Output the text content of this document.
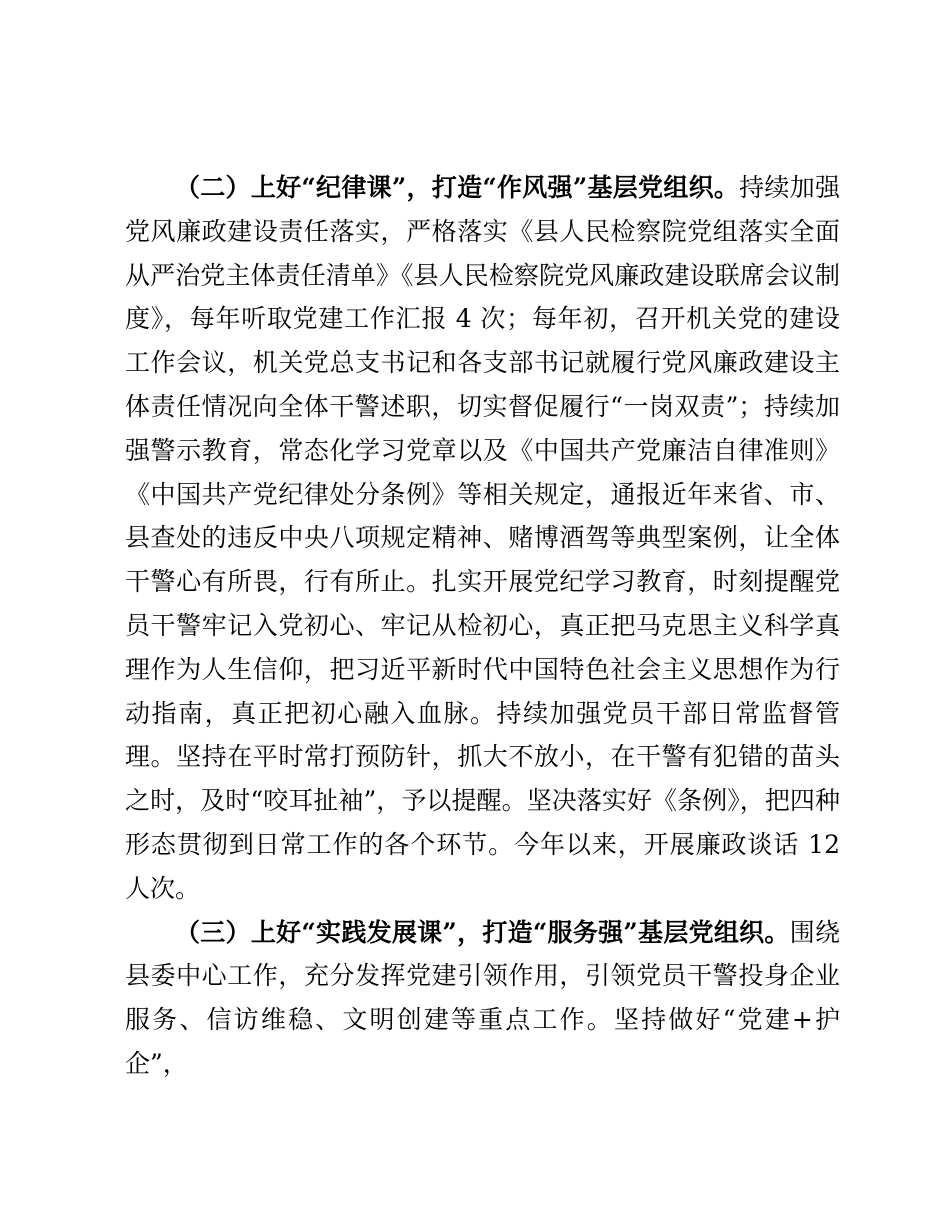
（二）上好“纪律课”，打造“作风强”基层党组织。持续加强党风廉政建设责任落实，严格落实《县人民检察院党组落实全面从严治党主体责任清单》《县人民检察院党风廉政建设联席会议制度》，每年听取党建工作汇报 4 次；每年初，召开机关党的建设工作会议，机关党总支书记和各支部书记就履行党风廉政建设主体责任情况向全体干警述职，切实督促履行“一岗双责”；持续加强警示教育，常态化学习党章以及《中国共产党廉洁自律准则》《中国共产党纪律处分条例》等相关规定，通报近年来省、市、县查处的违反中央八项规定精神、赌博酒驾等典型案例，让全体干警心有所畏，行有所止。扎实开展党纪学习教育，时刻提醒党员干警牢记入党初心、牢记从检初心，真正把马克思主义科学真理作为人生信仰，把习近平新时代中国特色社会主义思想作为行动指南，真正把初心融入血脉。持续加强党员干部日常监督管理。坚持在平时常打预防针，抓大不放小，在干警有犯错的苗头之时，及时“咬耳扯袖”，予以提醒。坚决落实好《条例》，把四种形态贯彻到日常工作的各个环节。今年以来，开展廉政谈话 12 人次。

（三）上好“实践发展课”，打造“服务强”基层党组织。围绕县委中心工作，充分发挥党建引领作用，引领党员干警投身企业服务、信访维稳、文明创建等重点工作。坚持做好“党建+护企”，
